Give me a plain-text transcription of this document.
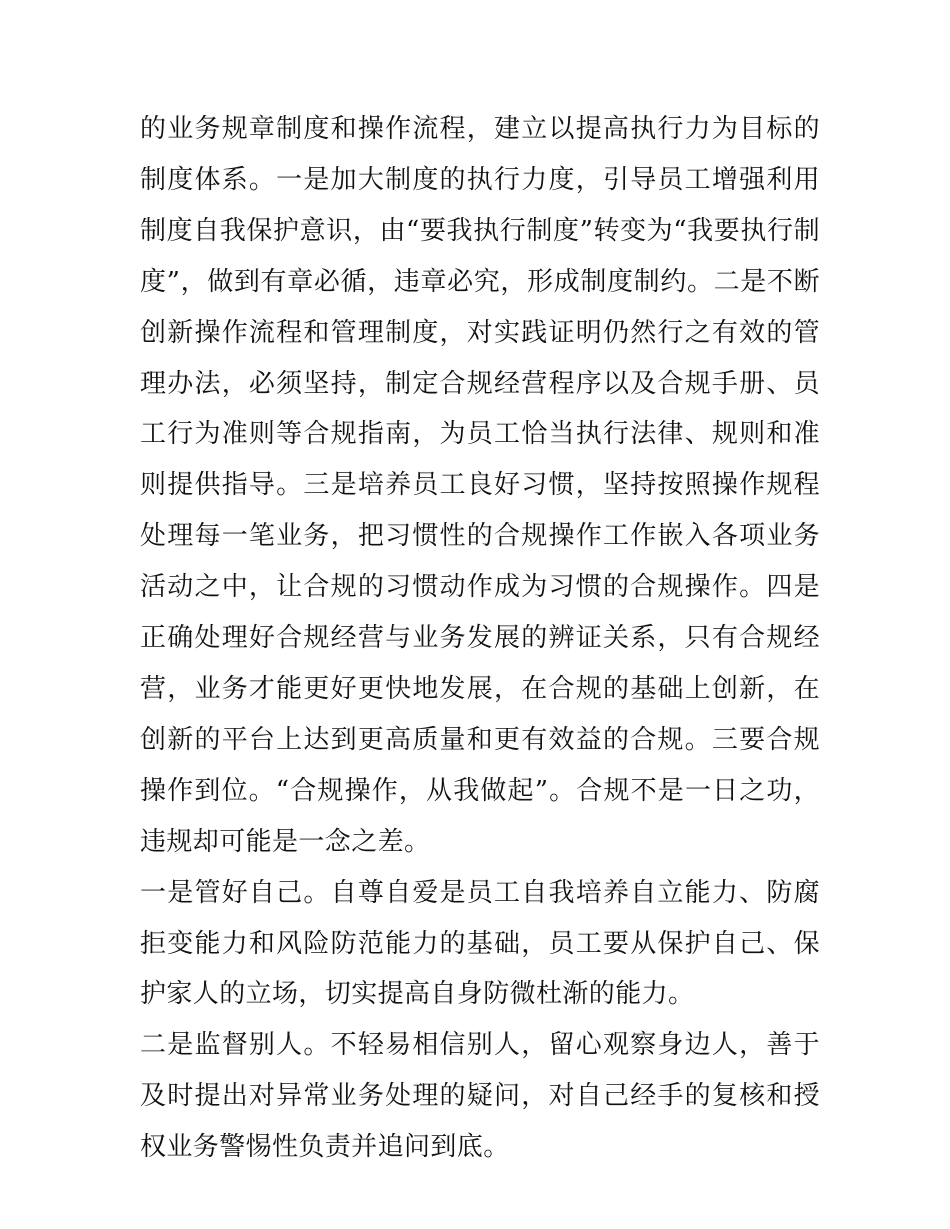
的业务规章制度和操作流程，建立以提高执行力为目标的制度体系。一是加大制度的执行力度，引导员工增强利用制度自我保护意识，由“要我执行制度”转变为“我要执行制度”，做到有章必循，违章必究，形成制度制约。二是不断创新操作流程和管理制度，对实践证明仍然行之有效的管理办法，必须坚持，制定合规经营程序以及合规手册、员工行为准则等合规指南，为员工恰当执行法律、规则和准则提供指导。三是培养员工良好习惯，坚持按照操作规程处理每一笔业务，把习惯性的合规操作工作嵌入各项业务活动之中，让合规的习惯动作成为习惯的合规操作。四是正确处理好合规经营与业务发展的辨证关系，只有合规经营，业务才能更好更快地发展，在合规的基础上创新，在创新的平台上达到更高质量和更有效益的合规。三要合规操作到位。“合规操作，从我做起”。合规不是一日之功，违规却可能是一念之差。

一是管好自己。自尊自爱是员工自我培养自立能力、防腐拒变能力和风险防范能力的基础，员工要从保护自己、保护家人的立场，切实提高自身防微杜渐的能力。

二是监督别人。不轻易相信别人，留心观察身边人，善于及时提出对异常业务处理的疑问，对自己经手的复核和授权业务警惕性负责并追问到底。
